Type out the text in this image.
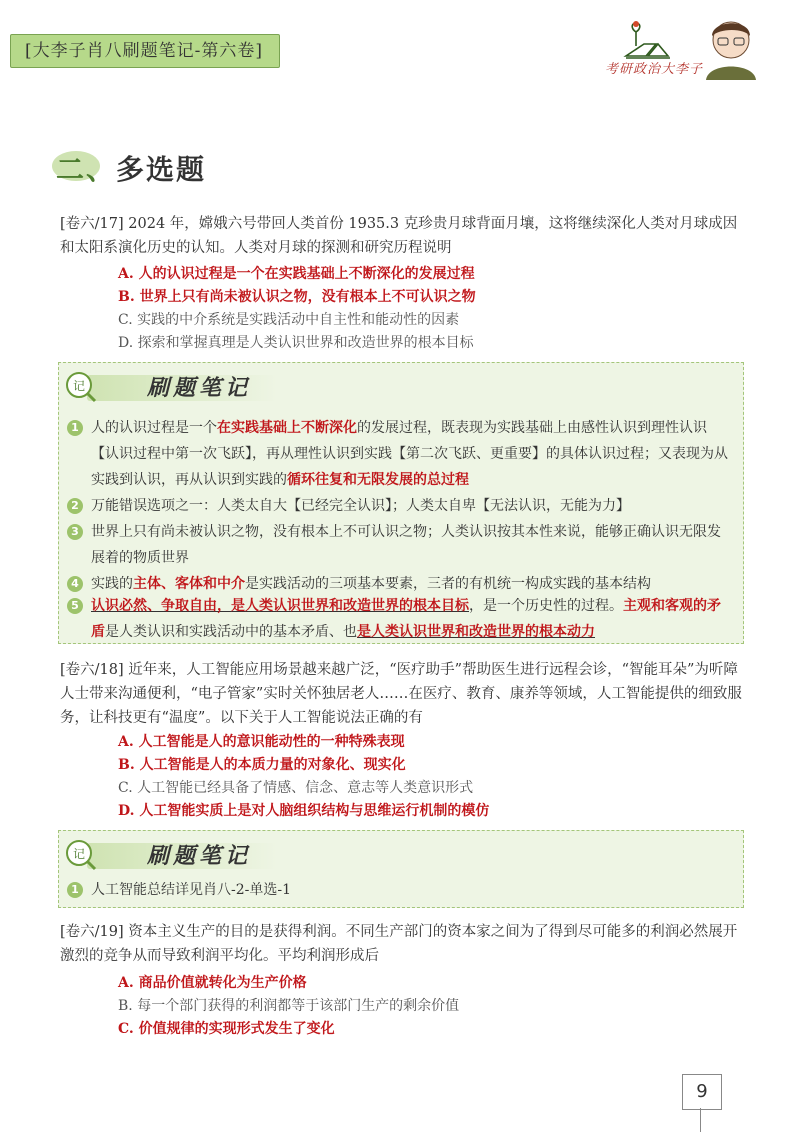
[大李子肖八刷题笔记-第六卷]
考研政治大李子
二、多选题
[卷六/17] 2024 年，嫦娥六号带回人类首份 1935.3 克珍贵月球背面月壤，这将继续深化人类对月球成因和太阳系演化历史的认知。人类对月球的探测和研究历程说明
A. 人的认识过程是一个在实践基础上不断深化的发展过程
B. 世界上只有尚未被认识之物，没有根本上不可认识之物
C. 实践的中介系统是实践活动中自主性和能动性的因素
D. 探索和掌握真理是人类认识世界和改造世界的根本目标
记	刷题笔记
1 人的认识过程是一个在实践基础上不断深化的发展过程，既表现为实践基础上由感性认识到理性认识【认识过程中第一次飞跃】，再从理性认识到实践【第二次飞跃、更重要】的具体认识过程；又表现为从实践到认识，再从认识到实践的循环往复和无限发展的总过程
2 万能错误选项之一：人类太自大【已经完全认识】；人类太自卑【无法认识，无能为力】
3 世界上只有尚未被认识之物，没有根本上不可认识之物；人类认识按其本性来说，能够正确认识无限发展着的物质世界
4 实践的主体、客体和中介是实践活动的三项基本要素，三者的有机统一构成实践的基本结构
5 认识必然、争取自由，是人类认识世界和改造世界的根本目标，是一个历史性的过程。主观和客观的矛盾是人类认识和实践活动中的基本矛盾、也是人类认识世界和改造世界的根本动力
[卷六/18] 近年来，人工智能应用场景越来越广泛，“医疗助手”帮助医生进行远程会诊，“智能耳朵”为听障人士带来沟通便利，“电子管家”实时关怀独居老人……在医疗、教育、康养等领域，人工智能提供的细致服务，让科技更有“温度”。以下关于人工智能说法正确的有
A. 人工智能是人的意识能动性的一种特殊表现
B. 人工智能是人的本质力量的对象化、现实化
C. 人工智能已经具备了情感、信念、意志等人类意识形式
D. 人工智能实质上是对人脑组织结构与思维运行机制的模仿
记	刷题笔记
1 人工智能总结详见肖八-2-单选-1
[卷六/19] 资本主义生产的目的是获得利润。不同生产部门的资本家之间为了得到尽可能多的利润必然展开激烈的竞争从而导致利润平均化。平均利润形成后
A. 商品价值就转化为生产价格
B. 每一个部门获得的利润都等于该部门生产的剩余价值
C. 价值规律的实现形式发生了变化
9
